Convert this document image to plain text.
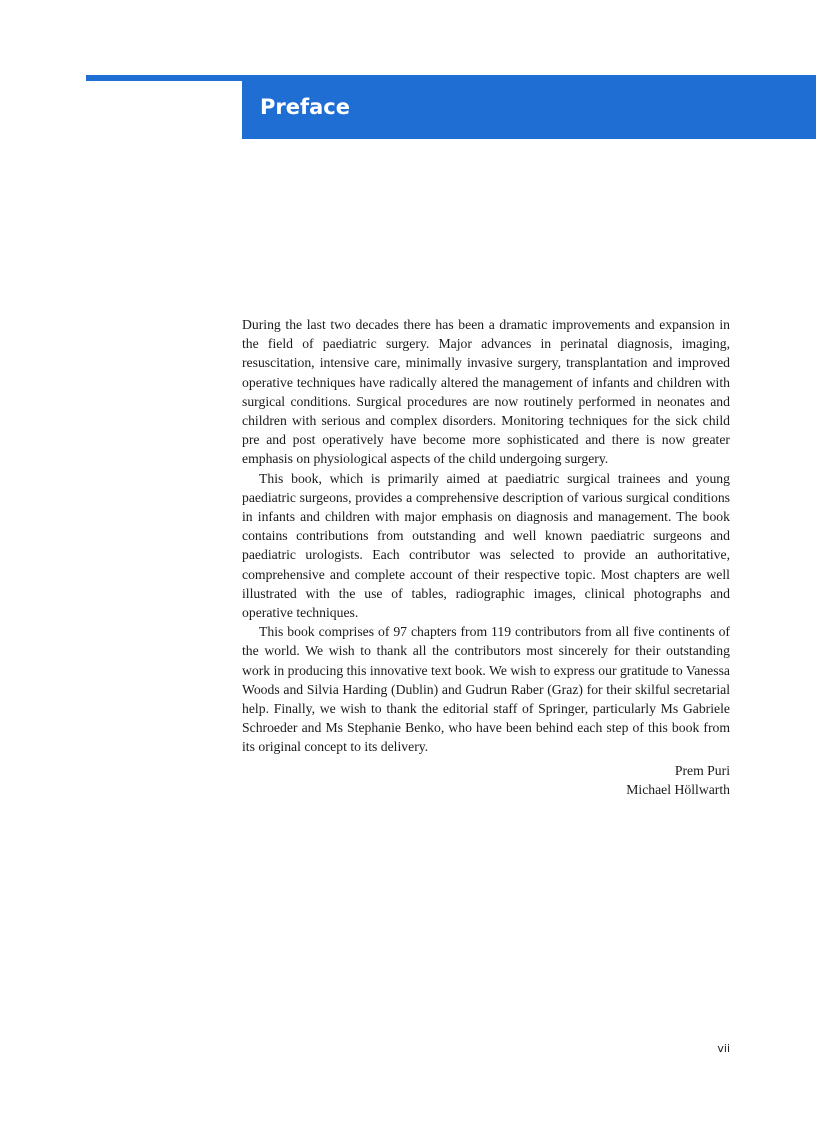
Preface

During the last two decades there has been a dramatic improvements and expansion in the field of paediatric surgery. Major advances in perinatal diagnosis, imaging, resuscitation, intensive care, minimally invasive surgery, transplantation and improved operative techniques have radically altered the management of infants and children with surgical conditions. Surgical procedures are now routinely performed in neonates and children with serious and complex disorders. Monitoring techniques for the sick child pre and post operatively have become more sophisticated and there is now greater emphasis on physiological aspects of the child undergoing surgery.

This book, which is primarily aimed at paediatric surgical trainees and young paediatric surgeons, provides a comprehensive description of various surgical conditions in infants and children with major emphasis on diagnosis and management. The book contains contributions from outstanding and well known paediatric surgeons and paediatric urologists. Each contributor was selected to provide an authoritative, comprehensive and complete account of their respective topic. Most chapters are well illustrated with the use of tables, radiographic images, clinical photographs and operative techniques.

This book comprises of 97 chapters from 119 contributors from all five continents of the world. We wish to thank all the contributors most sincerely for their outstanding work in producing this innovative text book. We wish to express our gratitude to Vanessa Woods and Silvia Harding (Dublin) and Gudrun Raber (Graz) for their skilful secretarial help. Finally, we wish to thank the editorial staff of Springer, particularly Ms Gabriele Schroeder and Ms Stephanie Benko, who have been behind each step of this book from its original concept to its delivery.

Prem Puri
Michael Höllwarth
vii
